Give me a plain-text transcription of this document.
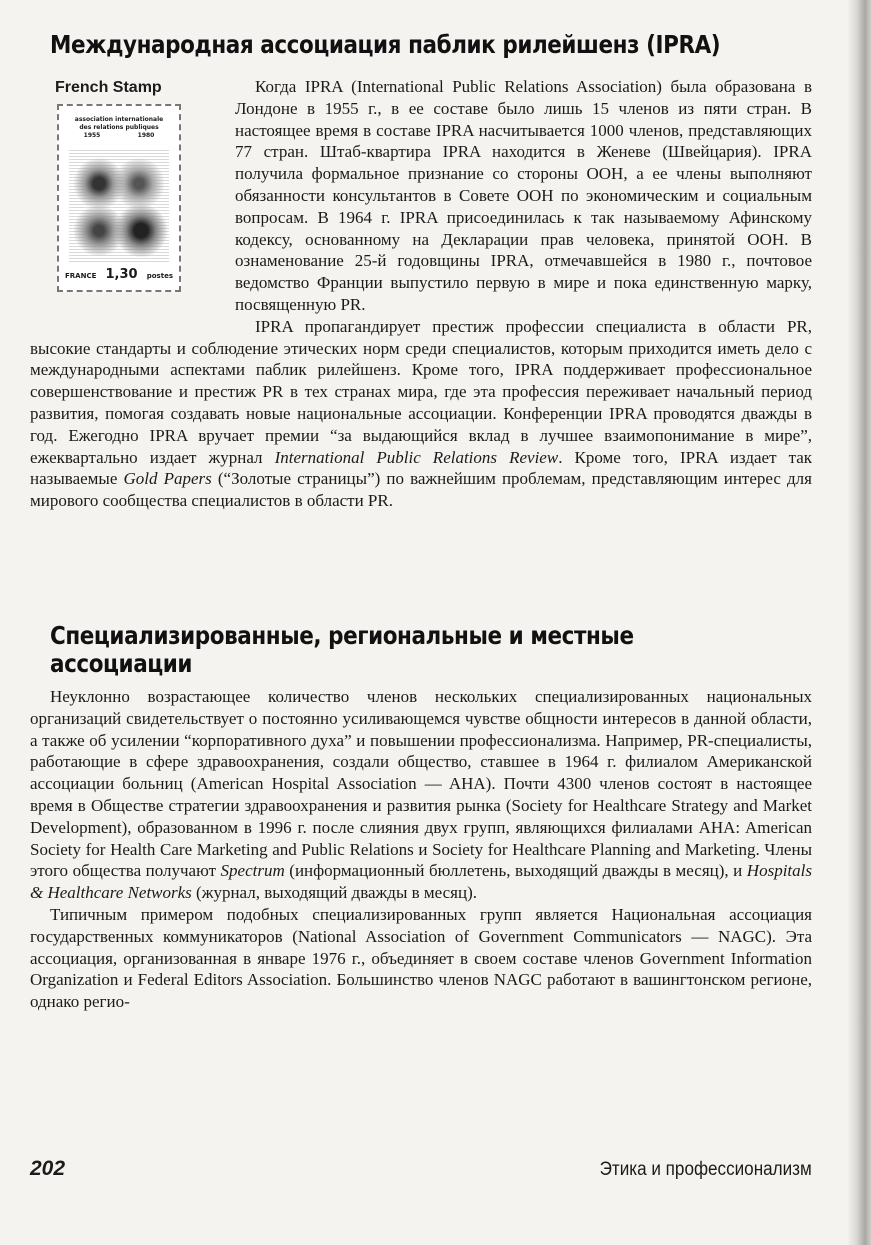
Международная ассоциация паблик рилейшенз (IPRA)
French Stamp
association internationale
des relations publiques
1955	1980
FRANCE 1,30 postes

Когда IPRA (International Public Relations Association) была образована в Лондоне в 1955 г., в ее составе было лишь 15 членов из пяти стран. В настоящее время в составе IPRA насчитывается 1000 членов, представляющих 77 стран. Штаб-квартира IPRA находится в Женеве (Швейцария). IPRA получила формальное признание со стороны ООН, а ее члены выполняют обязанности консультантов в Совете ООН по экономическим и социальным вопросам. В 1964 г. IPRA присоединилась к так называемому Афинскому кодексу, основанному на Декларации прав человека, принятой ООН. В ознаменование 25-й годовщины IPRA, отмечавшейся в 1980 г., почтовое ведомство Франции выпустило первую в мире и пока единственную марку, посвященную PR.

IPRA пропагандирует престиж профессии специалиста в области PR, высокие стандарты и соблюдение этических норм среди специалистов, которым приходится иметь дело с международными аспектами паблик рилейшенз. Кроме того, IPRA поддерживает профессиональное совершенствование и престиж PR в тех странах мира, где эта профессия переживает начальный период развития, помогая создавать новые национальные ассоциации. Конференции IPRA проводятся дважды в год. Ежегодно IPRA вручает премии “за выдающийся вклад в лучшее взаимопонимание в мире”, ежеквартально издает журнал International Public Relations Review. Кроме того, IPRA издает так называемые Gold Papers (“Золотые страницы”) по важнейшим проблемам, представляющим интерес для мирового сообщества специалистов в области PR.

Специализированные, региональные и местные
ассоциации

Неуклонно возрастающее количество членов нескольких специализированных национальных организаций свидетельствует о постоянно усиливающемся чувстве общности интересов в данной области, а также об усилении “корпоративного духа” и повышении профессионализма. Например, PR-специалисты, работающие в сфере здравоохранения, создали общество, ставшее в 1964 г. филиалом Американской ассоциации больниц (American Hospital Association — AHA). Почти 4300 членов состоят в настоящее время в Обществе стратегии здравоохранения и развития рынка (Society for Healthcare Strategy and Market Development), образованном в 1996 г. после слияния двух групп, являющихся филиалами AHA: American Society for Health Care Marketing and Public Relations и Society for Healthcare Planning and Marketing. Члены этого общества получают Spectrum (информационный бюллетень, выходящий дважды в месяц), и Hospitals & Healthcare Networks (журнал, выходящий дважды в месяц).

Типичным примером подобных специализированных групп является Национальная ассоциация государственных коммуникаторов (National Association of Government Communicators — NAGC). Эта ассоциация, организованная в январе 1976 г., объединяет в своем составе членов Government Information Organization и Federal Editors Association. Большинство членов NAGC работают в вашингтонском регионе, однако регио-

202	Этика и профессионализм
